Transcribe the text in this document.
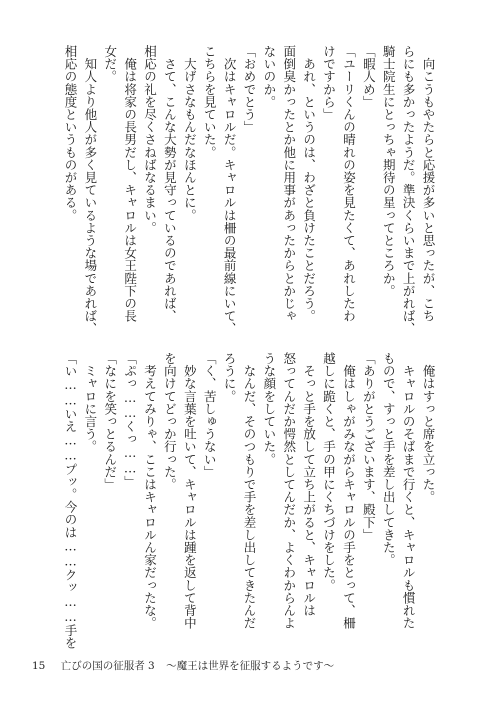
　向こうもやたらと応援が多いと思ったが、こち
らにも多かったようだ。準決くらいまで上がれば、
騎士院生にとっちゃ期待の星ってところか。
「暇人め」
「ユーリくんの晴れの姿を見たくて、あれしたわ
けですから」
　あれ、というのは、わざと負けたことだろう。
面倒臭かったとか他に用事があったからとかじゃ
ないのか。
「おめでとう」
　次はキャロルだ。キャロルは柵の最前線にいて、
こちらを見ていた。
　大げさなもんだなほんとに。
　さて、こんな大勢が見守っているのであれば、
相応の礼を尽くさねばなるまい。
　俺は将家の長男だし、キャロルは女王陛下の長
女だ。
　知人より他人が多く見ているような場であれば、
相応の態度というものがある。
　俺はすっと席を立った。
　キャロルのそばまで行くと、キャロルも慣れた
もので、すっと手を差し出してきた。
「ありがとうございます、殿下」
　俺はしゃがみながらキャロルの手をとって、柵
越しに跪くと、手の甲にくちづけをした。
　そっと手を放して立ち上がると、キャロルは
怒ってんだか愕然としてんだか、よくわからんよ
うな顔をしていた。
　なんだ、そのつもりで手を差し出してきたんだ
ろうに。
「く、苦しゅうない」
　妙な言葉を吐いて、キャロルは踵を返して背中
を向けてどっか行った。
　考えてみりゃ、ここはキャロルん家だったな。
「ぷっ……くっ……」
「なにを笑っとるんだ」
　ミャロに言う。
「い……いえ……プッ。今のは……クッ……手を
15 亡びの国の征服者 3 〜魔王は世界を征服するようです〜
